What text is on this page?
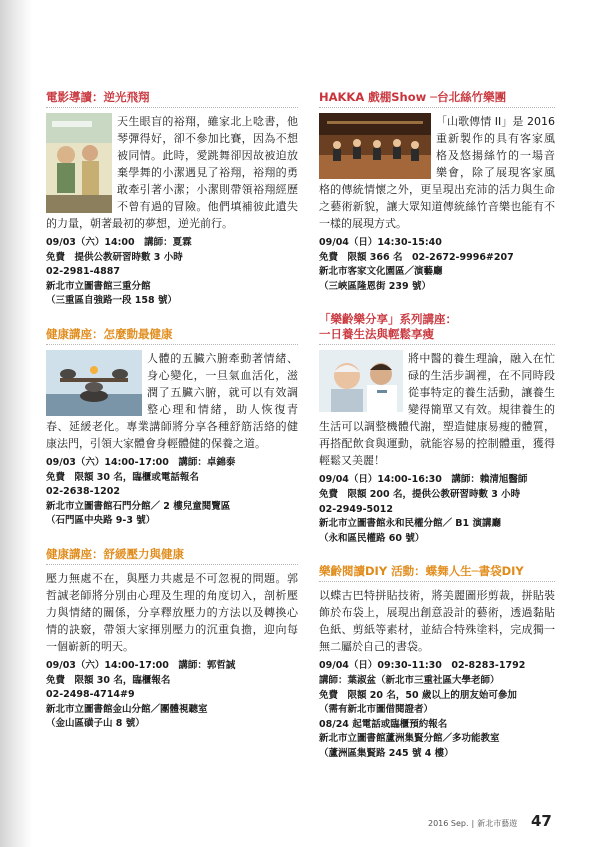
電影導讀：逆光飛翔
天生眼盲的裕翔，雖家北上唸書，他琴彈得好，卻不參加比賽，因為不想被同情。此時，愛跳舞卻因故被迫放棄學舞的小潔遇見了裕翔，裕翔的勇敢牽引著小潔；小潔則帶領裕翔經歷不曾有過的冒險。他們填補彼此遺失的力量，朝著最初的夢想，逆光前行。
09/03（六）14:00　講師：夏霖
免費　提供公教研習時數 3 小時
02-2981-4887
新北市立圖書館三重分館
（三重區自強路一段 158 號）
健康講座：怎麼動最健康
人體的五臟六腑牽動著情緒、身心變化，一旦氣血活化，滋潤了五臟六腑，就可以有效調整心理和情緒，助人恢復青春、延緩老化。專業講師將分享各種舒筋活絡的健康法門，引領大家體會身輕體健的保養之道。
09/03（六）14:00-17:00　講師：卓錦泰
免費　限額 30 名，臨櫃或電話報名
02-2638-1202
新北市立圖書館石門分館／ 2 樓兒童閱覽區
（石門區中央路 9-3 號）
健康講座：舒緩壓力與健康
壓力無處不在，與壓力共處是不可忽視的問題。郭哲誠老師將分別由心理及生理的角度切入，剖析壓力與情緒的關係，分享釋放壓力的方法以及轉換心情的訣竅，帶領大家揮別壓力的沉重負擔，迎向每一個嶄新的明天。
09/03（六）14:00-17:00　講師：郭哲誠
免費　限額 30 名，臨櫃報名
02-2498-4714#9
新北市立圖書館金山分館／團體視聽室
（金山區磺子山 8 號）
HAKKA 戲棚Show ─台北絲竹樂團
「山歌傳情 II」是 2016 重新製作的具有客家風格及悠揚絲竹的一場音樂會，除了展現客家風格的傳統情懷之外，更呈現出充沛的活力與生命之藝術新貌，讓大眾知道傳統絲竹音樂也能有不一樣的展現方式。
09/04（日）14:30-15:40
免費　限額 366 名　02-2672-9996#207
新北市客家文化園區／演藝廳
（三峽區隆恩街 239 號）
「樂齡樂分享」系列講座：
一日養生法與輕鬆享瘦
將中醫的養生理論，融入在忙碌的生活步調裡，在不同時段從事特定的養生活動，讓養生變得簡單又有效。規律養生的生活可以調整機體代謝，塑造健康易瘦的體質，再搭配飲食與運動，就能容易的控制體重，獲得輕鬆又美麗！
09/04（日）14:00-16:30　講師：賴清旭醫師
免費　限額 200 名，提供公教研習時數 3 小時
02-2949-5012
新北市立圖書館永和民權分館／ B1 演講廳
（永和區民權路 60 號）
樂齡閱讀DIY 活動：蝶舞人生─書袋DIY
以蝶古巴特拼貼技術，將美麗圖形剪裁，拼貼裝飾於布袋上，展現出創意設計的藝術，透過黏貼色紙、剪紙等素材，並結合特殊塗料，完成獨一無二屬於自己的書袋。
09/04（日）09:30-11:30　02-8283-1792
講師：葉淑盆（新北市三重社區大學老師）
免費　限額 20 名，50 歲以上的朋友始可參加
（需有新北市圖借閱證者）
08/24 起電話或臨櫃預約報名
新北市立圖書館蘆洲集賢分館／多功能教室
（蘆洲區集賢路 245 號 4 樓）
2016 Sep. | 新北市藝遊 47
